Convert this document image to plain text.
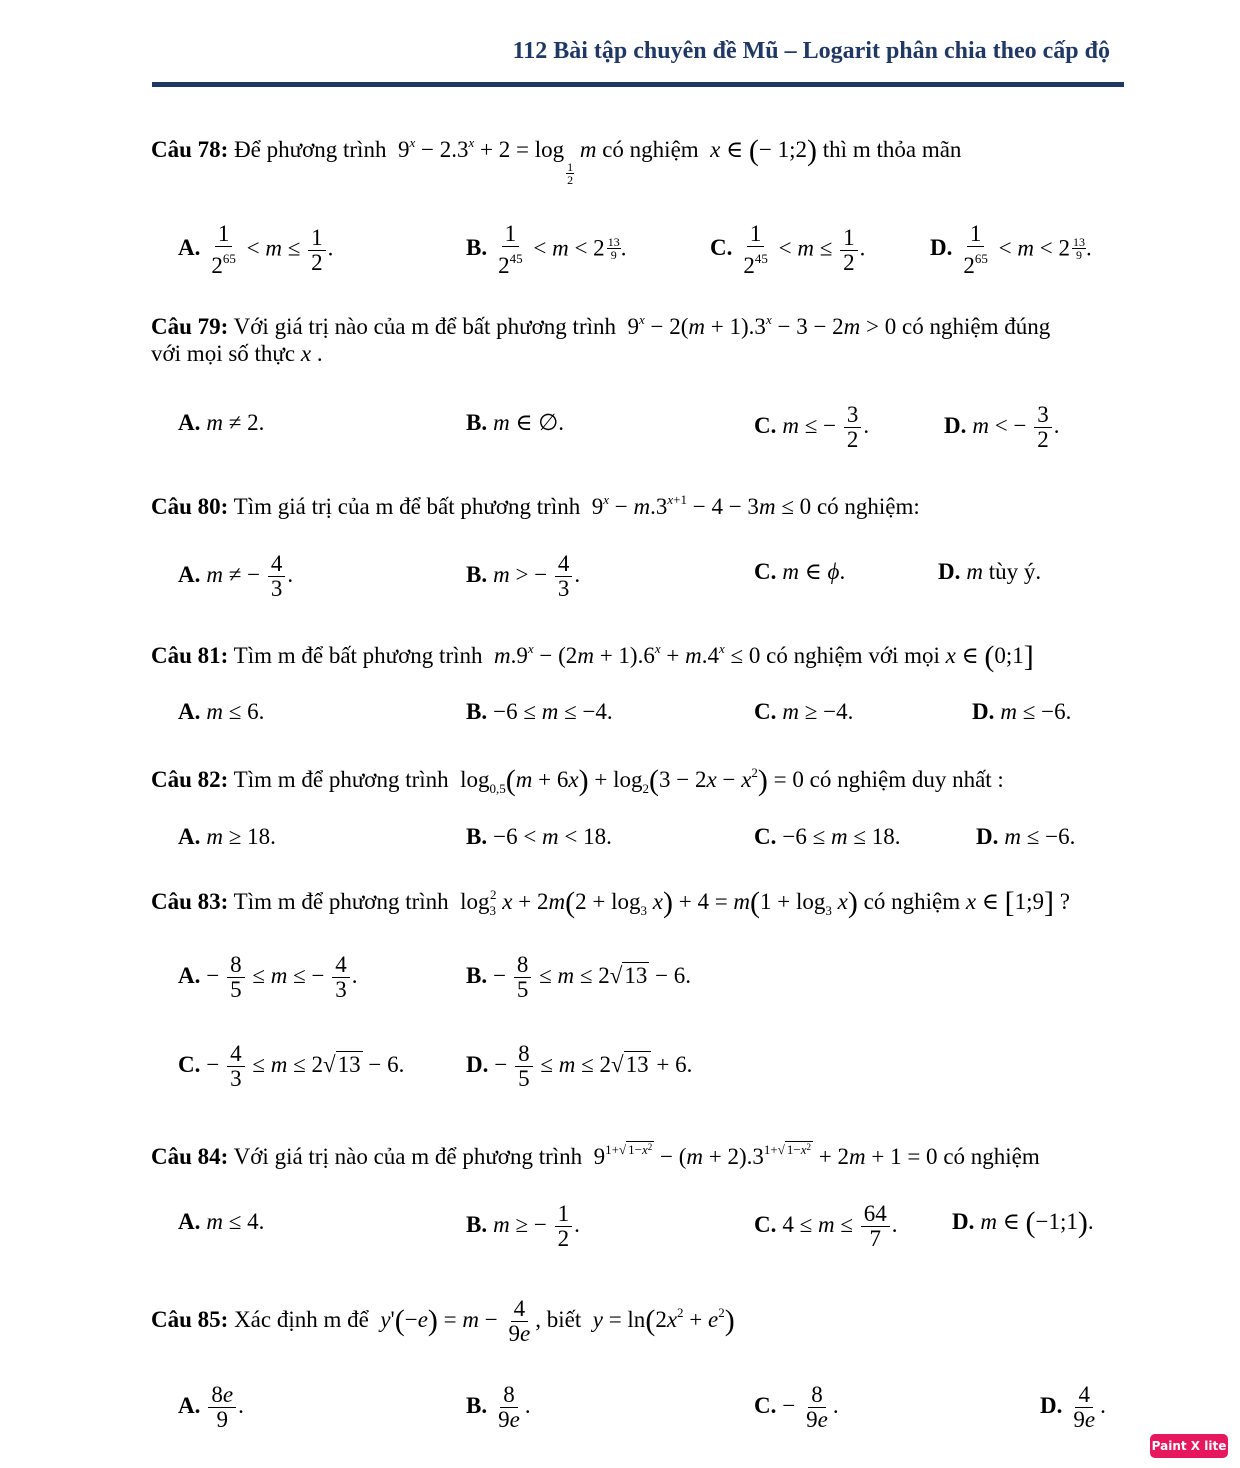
112 Bài tập chuyên đề Mũ – Logarit phân chia theo cấp độ
Câu 78: Để phương trình  $9^x - 2.3^x + 2 = \log$
$\frac{1}{2}$
m có nghiệm x ∈ (− 1;2) thì m thỏa mãn
A. $\frac{1}{2^{65}} < m \le \frac{1}{2}$ .	B. $\frac{1}{2^{45}} < m < 2 \frac{13}{9}$ .	C. $\frac{1}{2^{45}} < m \le \frac{1}{2}$ .	D. $\frac{1}{2^{65}} < m < 2 \frac{13}{9}$ .
Câu 79: Với giá trị nào của m để bất phương trình  $9^x - 2(m + 1).3^x - 3 - 2m > 0$ có nghiệm đúng
với mọi số thực x .
A. m ≠ 2.	B. m ∈ ∅.	C. m ≤ − $\frac{3}{2}$ .	D. m < − $\frac{3}{2}$ .
Câu 80: Tìm giá trị của m để bất phương trình  $9^x - m.3^{x+1} - 4 - 3m \le 0$ có nghiệm:
A. m ≠ − $\frac{4}{3}$ .	B. m > − $\frac{4}{3}$ .	C. m ∈ ϕ.	D. m tùy ý.
Câu 81: Tìm m để bất phương trình $m.9^x - (2m + 1).6^x + m.4^x \le 0$ có nghiệm với mọi x ∈ (0;1]
A. m ≤ 6.	B. −6 ≤ m ≤ −4.	C. m ≥ −4.	D. m ≤ −6.
Câu 82: Tìm m để phương trình  $\log_{0,5}(m + 6x) + \log_2(3 - 2x - x^2) = 0$ có nghiệm duy nhất :
A. m ≥ 18.	B. −6 < m < 18.	C. −6 ≤ m ≤ 18.	D. m ≤ −6.
Câu 83: Tìm m để phương trình  $\log_3^2 x + 2m(2 + \log_3 x) + 4 = m(1 + \log_3 x)$ có nghiệm x ∈ [1;9] ?
A. − $\frac{8}{5} \le m$ ≤ − $\frac{4}{3}$ .	B. − $\frac{8}{5} \le m \le 2√13 - 6$.
C. − $\frac{4}{3} \le m \le 2√13 - 6$.	D. − $\frac{8}{5} \le m \le 2√13 + 6$.
Câu 84: Với giá trị nào của m để phương trình  $9^{1+√ 1-x^2} - (m + 2).3^{1+√ 1-x^2} + 2m + 1 = 0$ có nghiệm
A. m ≤ 4.	B. m ≥ − $\frac{1}{2}$ .	C. $4 \le m \le \frac{64}{7}$ . D. m ∈ (−1;1).
Câu 85: Xác định m để $y'(-e) = m - \frac{4}{9e}$ , biết $y = \ln(2x^2 + e^2)$
A. $\frac{8e}{9}$ .	B. $\frac{8}{9e}$ .	C. − $\frac{8}{9e}$ .	D. $\frac{4}{9e}$ .
Paint X lite
